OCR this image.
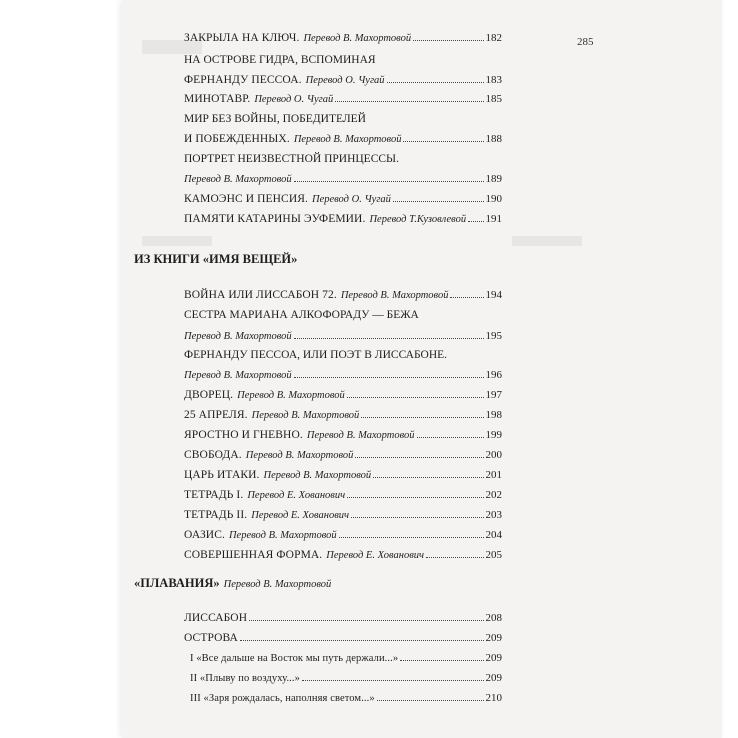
285
ЗАКРЫЛА НА КЛЮЧ. Перевод В. Махортовой	182
НА ОСТРОВЕ ГИДРА, ВСПОМИНАЯ
ФЕРНАНДУ ПЕССОА. Перевод О. Чугай	183
МИНОТАВР. Перевод О. Чугай	185
МИР БЕЗ ВОЙНЫ, ПОБЕДИТЕЛЕЙ
И ПОБЕЖДЕННЫХ. Перевод В. Махортовой	188
ПОРТРЕТ НЕИЗВЕСТНОЙ ПРИНЦЕССЫ.
Перевод В. Махортовой	189
КАМОЭНС И ПЕНСИЯ. Перевод О. Чугай	190
ПАМЯТИ КАТАРИНЫ ЭУФЕМИИ. Перевод Т.Кузовлевой 191
ИЗ КНИГИ «ИМЯ ВЕЩЕЙ»
ВОЙНА ИЛИ ЛИССАБОН 72. Перевод В. Махортовой	194
СЕСТРА МАРИАНА АЛКОФОРАДУ — БЕЖА
Перевод В. Махортовой	195
ФЕРНАНДУ ПЕССОА, ИЛИ ПОЭТ В ЛИССАБОНЕ.
Перевод В. Махортовой	196
ДВОРЕЦ. Перевод В. Махортовой	197
25 АПРЕЛЯ. Перевод В. Махортовой	198
ЯРОСТНО И ГНЕВНО. Перевод В. Махортовой	199
СВОБОДА. Перевод В. Махортовой	200
ЦАРЬ ИТАКИ. Перевод В. Махортовой	201
ТЕТРАДЬ I. Перевод Е. Хованович	202
ТЕТРАДЬ II. Перевод Е. Хованович	203
ОАЗИС. Перевод В. Махортовой	204
СОВЕРШЕННАЯ ФОРМА. Перевод Е. Хованович	205
«ПЛАВАНИЯ» Перевод В. Махортовой
ЛИССАБОН	208
ОСТРОВА	209
I «Все дальше на Восток мы путь держали...»	209
II «Плыву по воздуху...»	209
III «Заря рождалась, наполняя светом...»	210
